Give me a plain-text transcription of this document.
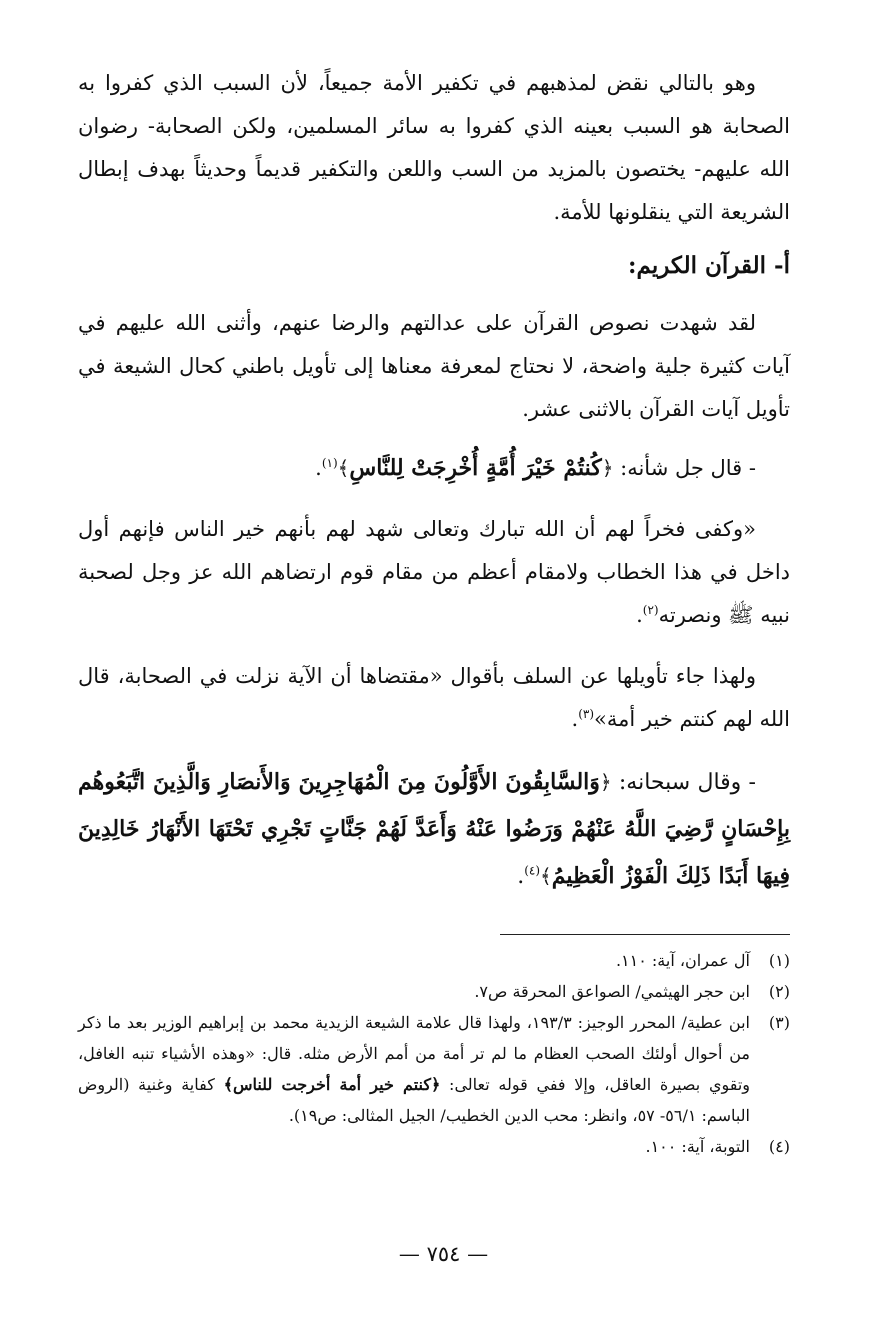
وهو بالتالي نقض لمذهبهم في تكفير الأمة جميعاً، لأن السبب الذي كفروا به الصحابة هو السبب بعينه الذي كفروا به سائر المسلمين، ولكن الصحابة- رضوان الله عليهم- يختصون بالمزيد من السب واللعن والتكفير قديماً وحديثاً بهدف إبطال الشريعة التي ينقلونها للأمة.

أ- القرآن الكريم:

لقد شهدت نصوص القرآن على عدالتهم والرضا عنهم، وأثنى الله عليهم في آيات كثيرة جلية واضحة، لا نحتاج لمعرفة معناها إلى تأويل باطني كحال الشيعة في تأويل آيات القرآن بالاثنى عشر.

- قال جل شأنه: ﴿كُنتُمْ خَيْرَ أُمَّةٍ أُخْرِجَتْ لِلنَّاسِ﴾$^{(١)}$.

«وكفى فخراً لهم أن الله تبارك وتعالى شهد لهم بأنهم خير الناس فإنهم أول داخل في هذا الخطاب ولامقام أعظم من مقام قوم ارتضاهم الله عز وجل لصحبة نبيه ﷺ ونصرته$^{(٢)}$.

ولهذا جاء تأويلها عن السلف بأقوال «مقتضاها أن الآية نزلت في الصحابة، قال الله لهم كنتم خير أمة»$^{(٣)}$.

- وقال سبحانه: ﴿وَالسَّابِقُونَ الأَوَّلُونَ مِنَ الْمُهَاجِرِينَ وَالأَنصَارِ وَالَّذِينَ اتَّبَعُوهُم بِإِحْسَانٍ رَّضِيَ اللَّهُ عَنْهُمْ وَرَضُوا عَنْهُ وَأَعَدَّ لَهُمْ جَنَّاتٍ تَجْرِي تَحْتَهَا الأَنْهَارُ خَالِدِينَ فِيهَا أَبَدًا ذَلِكَ الْفَوْزُ الْعَظِيمُ﴾$^{(٤)}$.

(١)
آل عمران، آية: ١١٠.
(٢)
ابن حجر الهيثمي/ الصواعق المحرقة ص٧.
(٣)
ابن عطية/ المحرر الوجيز: ١٩٣/٣، ولهذا قال علامة الشيعة الزيدية محمد بن إبراهيم الوزير بعد ما ذكر من أحوال أولئك الصحب العظام ما لم تر أمة من أمم الأرض مثله. قال: «وهذه الأشياء تنبه الغافل، وتقوي بصيرة العاقل، وإلا ففي قوله تعالى: ﴿كنتم خير أمة أخرجت للناس﴾ كفاية وغنية (الروض الباسم: ٥٦/١- ٥٧، وانظر: محب الدين الخطيب/ الجيل المثالى: ص١٩).
(٤)
التوبة، آية: ١٠٠.
— ٧٥٤ —
